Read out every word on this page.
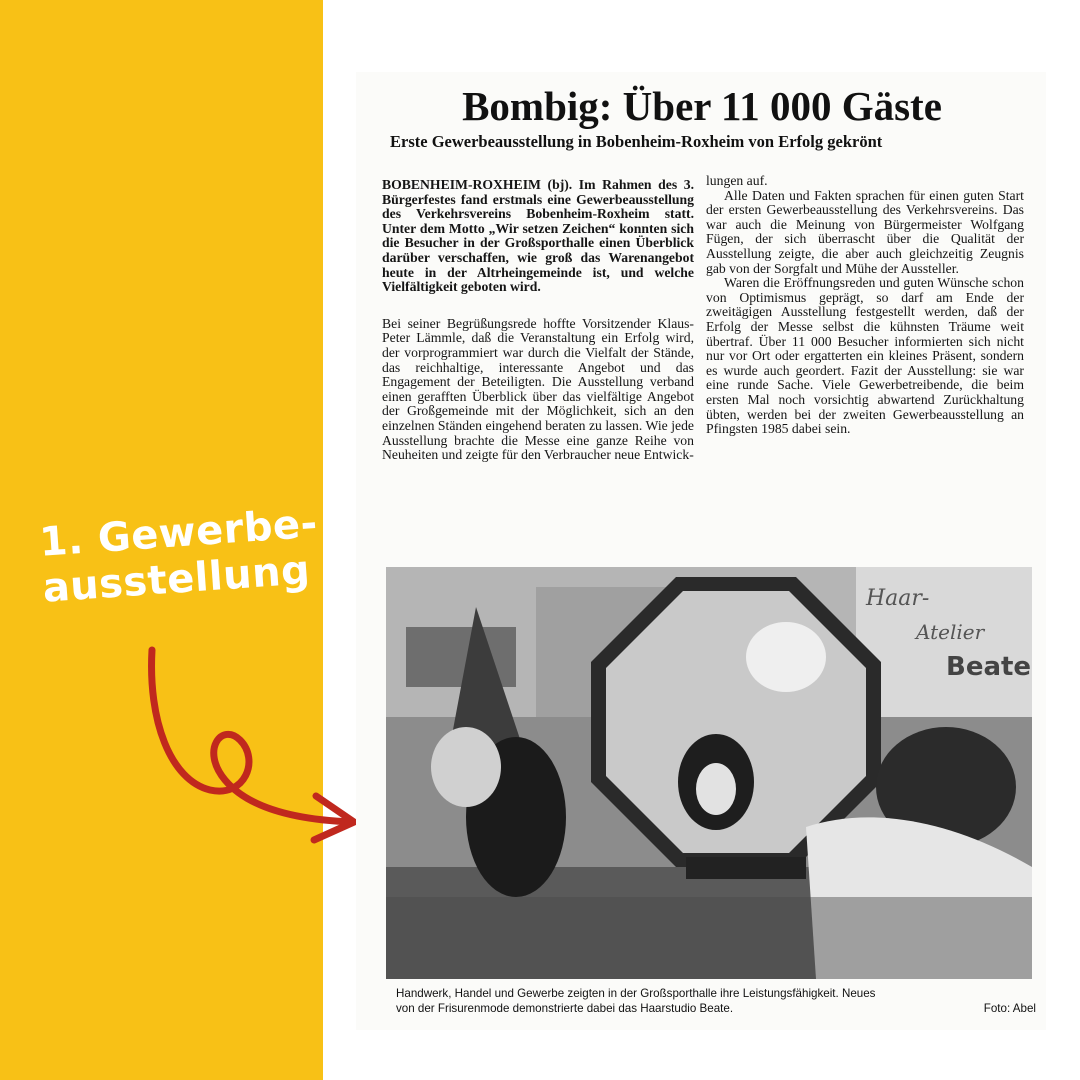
1. Gewerbe-
ausstellung
Bombig: Über 11 000 Gäste
Erste Gewerbeausstellung in Bobenheim-Roxheim von Erfolg gekrönt

BOBENHEIM-ROXHEIM (bj). Im Rahmen des 3. Bürgerfestes fand erstmals eine Gewerbeausstellung des Verkehrsvereins Bobenheim-Roxheim statt. Unter dem Motto „Wir setzen Zeichen“ konnten sich die Besucher in der Großsporthalle einen Überblick darüber verschaffen, wie groß das Warenangebot heute in der Altrheingemeinde ist, und welche Vielfältigkeit geboten wird.

Bei seiner Begrüßungsrede hoffte Vorsitzender Klaus-Peter Lämmle, daß die Veranstaltung ein Erfolg wird, der vorprogrammiert war durch die Vielfalt der Stände, das reichhaltige, interessante Angebot und das Engagement der Beteiligten. Die Ausstellung verband einen gerafften Überblick über das vielfältige Angebot der Großgemeinde mit der Möglichkeit, sich an den einzelnen Ständen eingehend beraten zu lassen. Wie jede Ausstellung brachte die Messe eine ganze Reihe von Neuheiten und zeigte für den Verbraucher neue Entwick-

lungen auf.

Alle Daten und Fakten sprachen für einen guten Start der ersten Gewerbeausstellung des Verkehrsvereins. Das war auch die Meinung von Bürgermeister Wolfgang Fügen, der sich überrascht über die Qualität der Ausstellung zeigte, die aber auch gleichzeitig Zeugnis gab von der Sorgfalt und Mühe der Aussteller.

Waren die Eröffnungsreden und guten Wünsche schon von Optimismus geprägt, so darf am Ende der zweitägigen Ausstellung festgestellt werden, daß der Erfolg der Messe selbst die kühnsten Träume weit übertraf. Über 11 000 Besucher informierten sich nicht nur vor Ort oder ergatterten ein kleines Präsent, sondern es wurde auch geordert. Fazit der Ausstellung: sie war eine runde Sache. Viele Gewerbetreibende, die beim ersten Mal noch vorsichtig abwartend Zurückhaltung übten, werden bei der zweiten Gewerbeausstellung an Pfingsten 1985 dabei sein.

Haar-
Atelier
Beate

Handwerk, Handel und Gewerbe zeigten in der Großsporthalle ihre Leistungsfähigkeit. Neues

von der Frisurenmode demonstrierte dabei das Haarstudio Beate.	Foto: Abel
